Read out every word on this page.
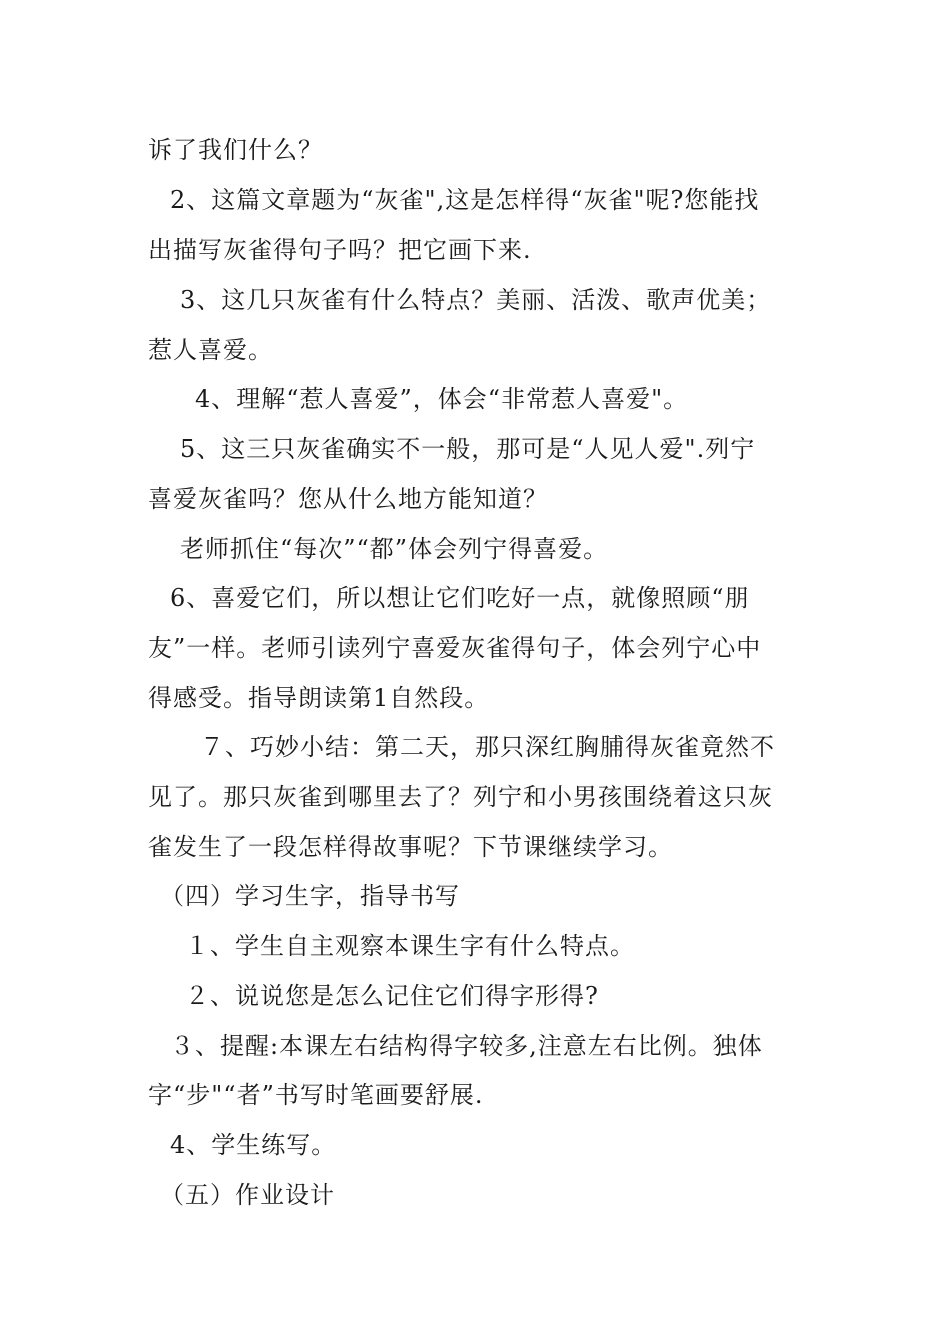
诉了我们什么？
2、这篇文章题为“灰雀",这是怎样得“灰雀"呢?您能找
出描写灰雀得句子吗？把它画下来.
3、这几只灰雀有什么特点？美丽、活泼、歌声优美；
惹人喜爱。
4、理解“惹人喜爱”，体会“非常惹人喜爱"。
5、这三只灰雀确实不一般，那可是“人见人爱".列宁
喜爱灰雀吗？您从什么地方能知道？
老师抓住“每次”“都”体会列宁得喜爱。
6、喜爱它们，所以想让它们吃好一点，就像照顾“朋
友”一样。老师引读列宁喜爱灰雀得句子，体会列宁心中
得感受。指导朗读第1自然段。
７、巧妙小结：第二天，那只深红胸脯得灰雀竟然不
见了。那只灰雀到哪里去了？列宁和小男孩围绕着这只灰
雀发生了一段怎样得故事呢？下节课继续学习。
（四）学习生字，指导书写
１、学生自主观察本课生字有什么特点。
２、说说您是怎么记住它们得字形得?
３、提醒:本课左右结构得字较多,注意左右比例。独体
字“步"“者”书写时笔画要舒展.
4、学生练写。
（五）作业设计
